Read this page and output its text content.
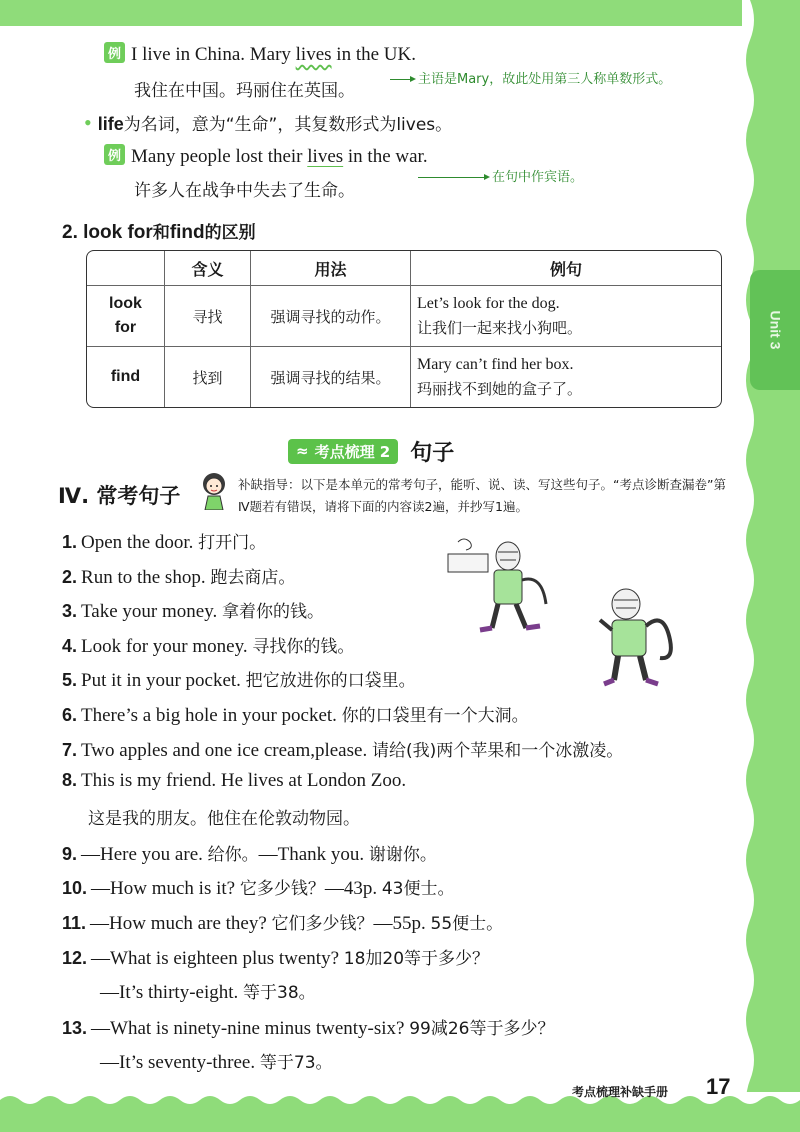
Unit 3
例 I live in China. Mary lives in the UK.
我住在中国。玛丽住在英国。
主语是Mary，故此处用第三人称单数形式。
• life为名词，意为“生命”，其复数形式为lives。
例 Many people lost their lives in the war.
许多人在战争中失去了生命。
在句中作宾语。
2. look for和find的区别
	含义	用法	例句
look for	寻找	强调寻找的动作。	Let’s look for the dog.
让我们一起来找小狗吧。

find	找到	强调寻找的结果。	Mary can’t find her box.
玛丽找不到她的盒子了。
≈ 考点梳理 2 句子
Ⅳ. 常考句子	补缺指导：以下是本单元的常考句子，能听、说、读、写这些句子。“考点诊断查漏卷”第Ⅳ题若有错误，请将下面的内容读2遍，并抄写1遍。
1. Open the door. 打开门。
2. Run to the shop. 跑去商店。
3. Take your money. 拿着你的钱。
4. Look for your money. 寻找你的钱。
5. Put it in your pocket. 把它放进你的口袋里。
6. There’s a big hole in your pocket. 你的口袋里有一个大洞。
7. Two apples and one ice cream,please. 请给(我)两个苹果和一个冰激凌。
8. This is my friend. He lives at London Zoo.
这是我的朋友。他住在伦敦动物园。
9. —Here you are. 给你。—Thank you. 谢谢你。
10. —How much is it? 它多少钱？—43p. 43便士。
11. —How much are they? 它们多少钱？—55p. 55便士。
12. —What is eighteen plus twenty? 18加20等于多少？
—It’s thirty-eight. 等于38。
13. —What is ninety-nine minus twenty-six? 99减26等于多少？
—It’s seventy-three. 等于73。
考点梳理补缺手册 17
